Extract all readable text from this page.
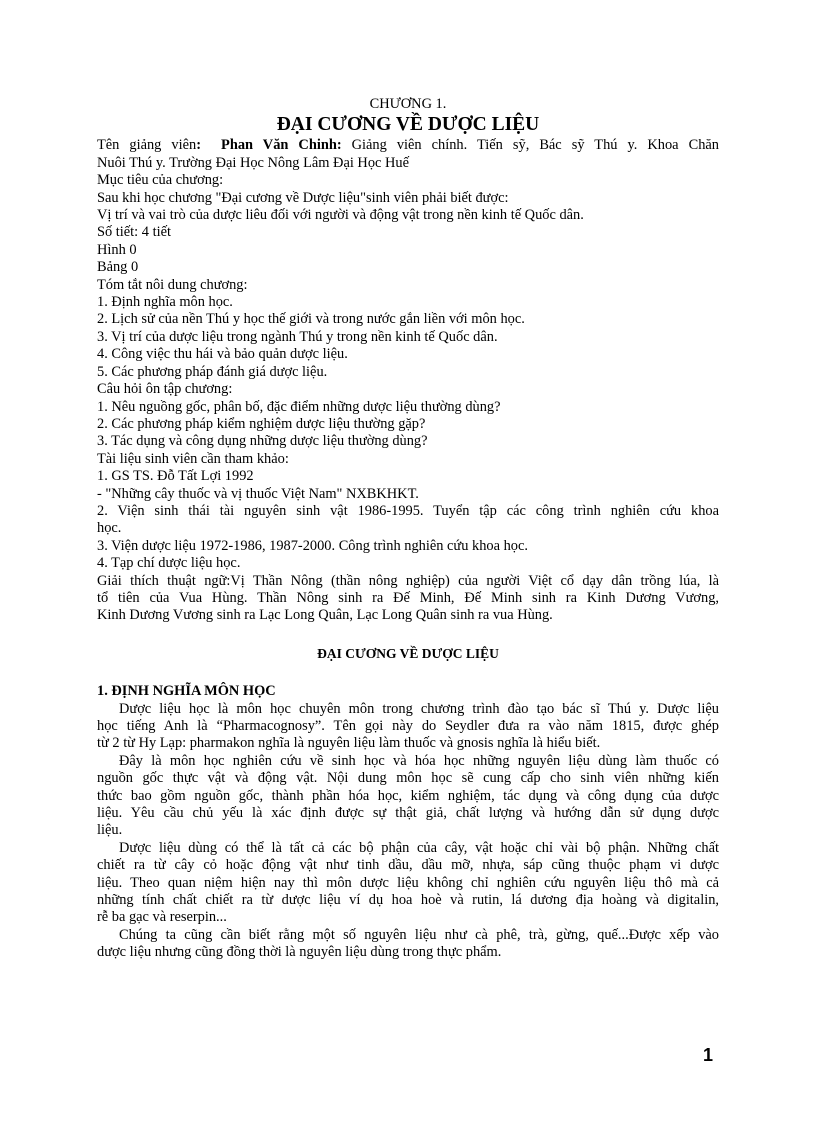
CHƯƠNG 1.
ĐẠI CƯƠNG VỀ DƯỢC LIỆU
Tên giảng viên: Phan Văn Chinh: Giảng viên chính. Tiến sỹ, Bác sỹ Thú y. Khoa Chăn
Nuôi Thú y. Trường Đại Học Nông Lâm Đại Học Huế
Mục tiêu của chương:
Sau khi học chương "Đại cương về Dược liệu"sinh viên phải biết được:
Vị trí và vai trò của dược liêu đối với người và động vật trong nền kinh tế Quốc dân.
Số tiết: 4 tiết
Hình 0
Bảng 0
Tóm tắt nôi dung chương:
1. Định nghĩa môn học.
2. Lịch sử của nền Thú y học thế giới và trong nước gắn liền với môn học.
3. Vị trí của dược liệu trong ngành Thú y trong nền kinh tế Quốc dân.
4. Công việc thu hái và bảo quản dược liệu.
5. Các phương pháp đánh giá dược liệu.
Câu hỏi ôn tập chương:
1. Nêu nguồng gốc, phân bố, đặc điểm những dược liệu thường dùng?
2. Các phương pháp kiểm nghiệm dược liệu thường gặp?
3. Tác dụng và công dụng những dược liệu thường dùng?
Tài liệu sinh viên cần tham khảo:
1. GS TS. Đỗ Tất Lợi 1992
- "Những cây thuốc và vị thuốc Việt Nam" NXBKHKT.
2. Viện sinh thái tài nguyên sinh vật 1986-1995. Tuyển tập các công trình nghiên cứu khoa
học.
3. Viện dược liệu 1972-1986, 1987-2000. Công trình nghiên cứu khoa học.
4. Tạp chí dược liệu học.
Giải thích thuật ngữ:Vị Thần Nông (thần nông nghiệp) của người Việt cổ dạy dân trồng lúa, là
tổ tiên của Vua Hùng. Thần Nông sinh ra Đế Minh, Đế Minh sinh ra Kinh Dương Vương,
Kinh Dương Vương sinh ra Lạc Long Quân, Lạc Long Quân sinh ra vua Hùng.
ĐẠI CƯƠNG VỀ DƯỢC LIỆU
1. ĐỊNH NGHĨA MÔN HỌC
Dược liệu học là môn học chuyên môn trong chương trình đào tạo bác sĩ Thú y. Dược liệu
học tiếng Anh là “Pharmacognosy”. Tên gọi này do Seydler đưa ra vào năm 1815, được ghép
từ 2 từ Hy Lạp: pharmakon nghĩa là nguyên liệu làm thuốc và gnosis nghĩa là hiểu biết.
Đây là môn học nghiên cứu về sinh học và hóa học những nguyên liệu dùng làm thuốc có
nguồn gốc thực vật và động vật. Nội dung môn học sẽ cung cấp cho sinh viên những kiến
thức bao gồm nguồn gốc, thành phần hóa học, kiểm nghiệm, tác dụng và công dụng của dược
liệu. Yêu cầu chủ yếu là xác định được sự thật giả, chất lượng và hướng dẫn sử dụng dược
liệu.
Dược liệu dùng có thể là tất cả các bộ phận của cây, vật hoặc chỉ vài bộ phận. Những chất
chiết ra từ cây cỏ hoặc động vật như tinh dầu, dầu mỡ, nhựa, sáp cũng thuộc phạm vi dược
liệu. Theo quan niệm hiện nay thì môn dược liệu không chỉ nghiên cứu nguyên liệu thô mà cả
những tính chất chiết ra từ dược liệu ví dụ hoa hoè và rutin, lá dương địa hoàng và digitalin,
rễ ba gạc và reserpin...
Chúng ta cũng cần biết rằng một số nguyên liệu như cà phê, trà, gừng, quế...Được xếp vào
dược liệu nhưng cũng đồng thời là nguyên liệu dùng trong thực phẩm.
1
